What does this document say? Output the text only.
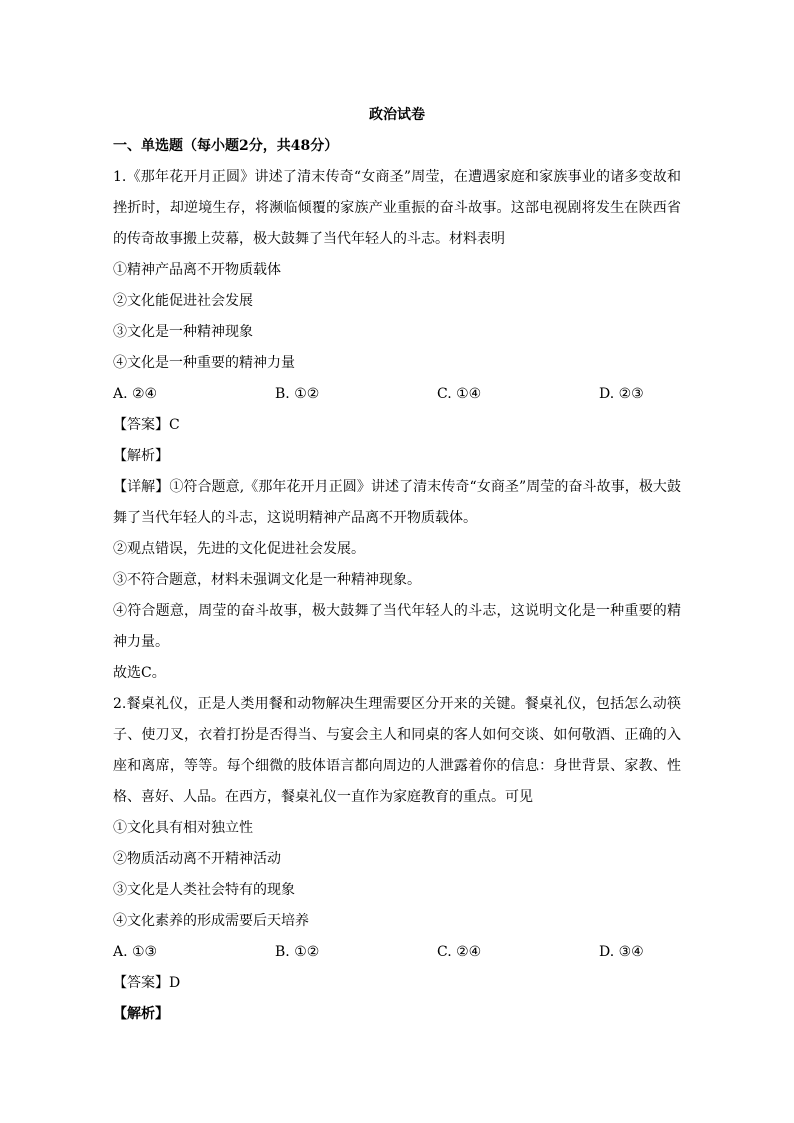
政治试卷

一、单选题（每小题2分，共48分）

1.《那年花开月正圆》讲述了清末传奇“女商圣”周莹，在遭遇家庭和家族事业的诸多变故和挫折时，却逆境生存，将濒临倾覆的家族产业重振的奋斗故事。这部电视剧将发生在陕西省的传奇故事搬上荧幕，极大鼓舞了当代年轻人的斗志。材料表明

①精神产品离不开物质载体

②文化能促进社会发展

③文化是一种精神现象

④文化是一种重要的精神力量

A. ②④	B. ①②	C. ①④	D. ②③

【答案】C

【解析】

【详解】①符合题意,《那年花开月正圆》讲述了清末传奇“女商圣”周莹的奋斗故事，极大鼓舞了当代年轻人的斗志，这说明精神产品离不开物质载体。

②观点错误，先进的文化促进社会发展。

③不符合题意，材料未强调文化是一种精神现象。

④符合题意，周莹的奋斗故事，极大鼓舞了当代年轻人的斗志，这说明文化是一种重要的精神力量。

故选C。

2.餐桌礼仪，正是人类用餐和动物解决生理需要区分开来的关键。餐桌礼仪，包括怎么动筷子、使刀叉，衣着打扮是否得当、与宴会主人和同桌的客人如何交谈、如何敬酒、正确的入座和离席，等等。每个细微的肢体语言都向周边的人泄露着你的信息：身世背景、家教、性格、喜好、人品。在西方，餐桌礼仪一直作为家庭教育的重点。可见

①文化具有相对独立性

②物质活动离不开精神活动

③文化是人类社会特有的现象

④文化素养的形成需要后天培养

A. ①③	B. ①②	C. ②④	D. ③④

【答案】D

【解析】
